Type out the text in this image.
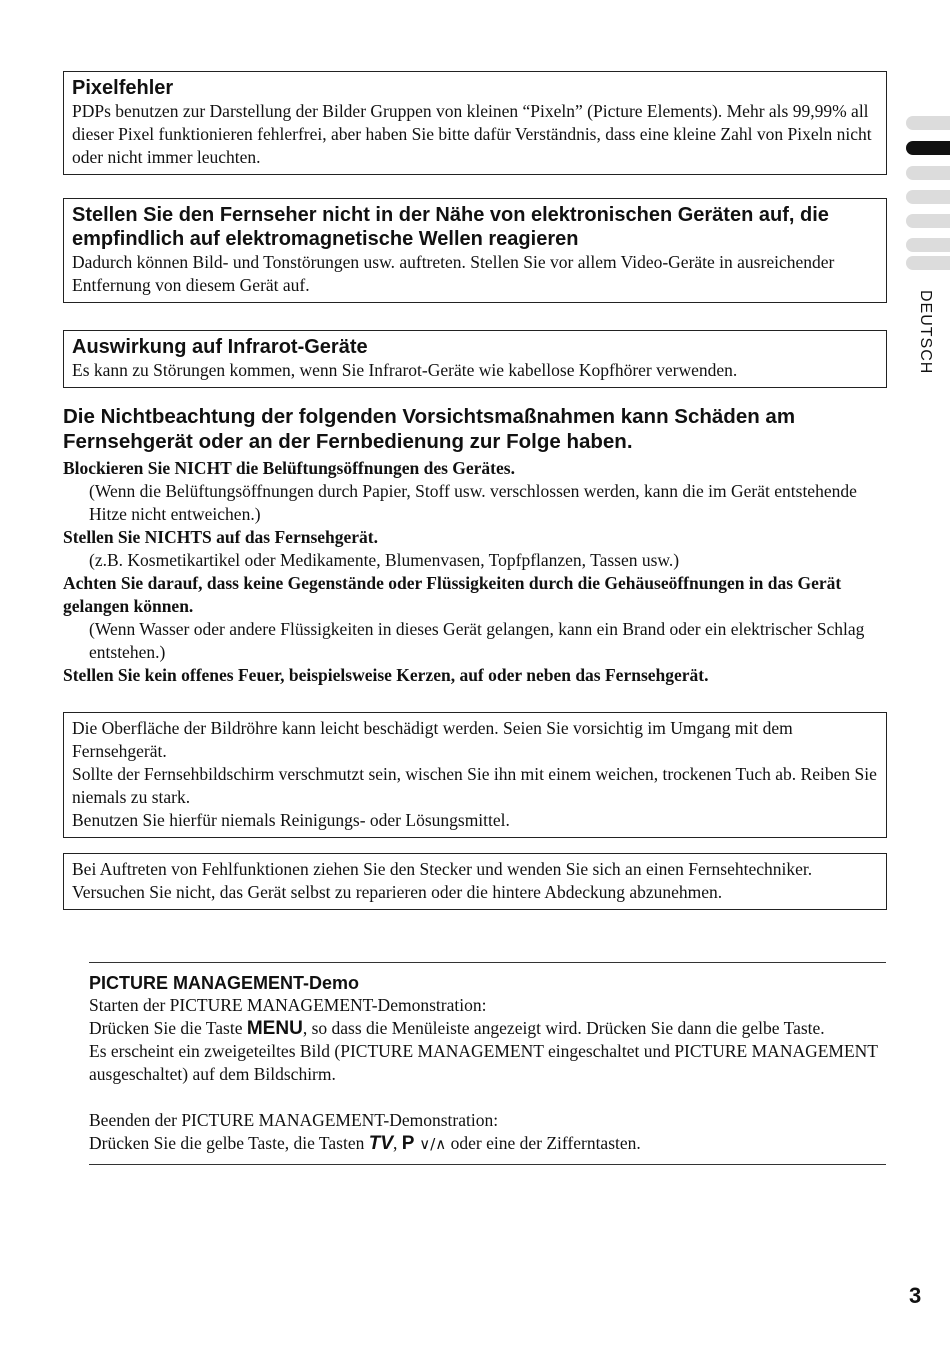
DEUTSCH
Pixelfehler

PDPs benutzen zur Darstellung der Bilder Gruppen von kleinen “Pixeln” (Picture Elements). Mehr als 99,99% all dieser Pixel funktionieren fehlerfrei, aber haben Sie bitte dafür Verständnis, dass eine kleine Zahl von Pixeln nicht oder nicht immer leuchten.

Stellen Sie den Fernseher nicht in der Nähe von elektronischen Geräten auf, die empfindlich auf elektromagnetische Wellen reagieren

Dadurch können Bild- und Tonstörungen usw. auftreten. Stellen Sie vor allem Video-Geräte in ausreichender Entfernung von diesem Gerät auf.

Auswirkung auf Infrarot-Geräte

Es kann zu Störungen kommen, wenn Sie Infrarot-Geräte wie kabellose Kopfhörer verwenden.

Die Nichtbeachtung der folgenden Vorsichtsmaßnahmen kann Schäden am Fernsehgerät oder an der Fernbedienung zur Folge haben.

Blockieren Sie NICHT die Belüftungsöffnungen des Gerätes.

(Wenn die Belüftungsöffnungen durch Papier, Stoff usw. verschlossen werden, kann die im Gerät entstehende Hitze nicht entweichen.)

Stellen Sie NICHTS auf das Fernsehgerät.

(z.B. Kosmetikartikel oder Medikamente, Blumenvasen, Topfpflanzen, Tassen usw.)

Achten Sie darauf, dass keine Gegenstände oder Flüssigkeiten durch die Gehäuseöffnungen in das Gerät gelangen können.

(Wenn Wasser oder andere Flüssigkeiten in dieses Gerät gelangen, kann ein Brand oder ein elektrischer Schlag entstehen.)

Stellen Sie kein offenes Feuer, beispielsweise Kerzen, auf oder neben das Fernsehgerät.

Die Oberfläche der Bildröhre kann leicht beschädigt werden. Seien Sie vorsichtig im Umgang mit dem Fernsehgerät.

Sollte der Fernsehbildschirm verschmutzt sein, wischen Sie ihn mit einem weichen, trockenen Tuch ab. Reiben Sie niemals zu stark.

Benutzen Sie hierfür niemals Reinigungs- oder Lösungsmittel.

Bei Auftreten von Fehlfunktionen ziehen Sie den Stecker und wenden Sie sich an einen Fernsehtechniker. Versuchen Sie nicht, das Gerät selbst zu reparieren oder die hintere Abdeckung abzunehmen.

PICTURE MANAGEMENT-Demo

Starten der PICTURE MANAGEMENT-Demonstration:

Drücken Sie die Taste MENU, so dass die Menüleiste angezeigt wird. Drücken Sie dann die gelbe Taste.

Es erscheint ein zweigeteiltes Bild (PICTURE MANAGEMENT eingeschaltet und PICTURE MANAGEMENT ausgeschaltet) auf dem Bildschirm.

Beenden der PICTURE MANAGEMENT-Demonstration:

Drücken Sie die gelbe Taste, die Tasten TV, P ∨/∧ oder eine der Zifferntasten.

3
